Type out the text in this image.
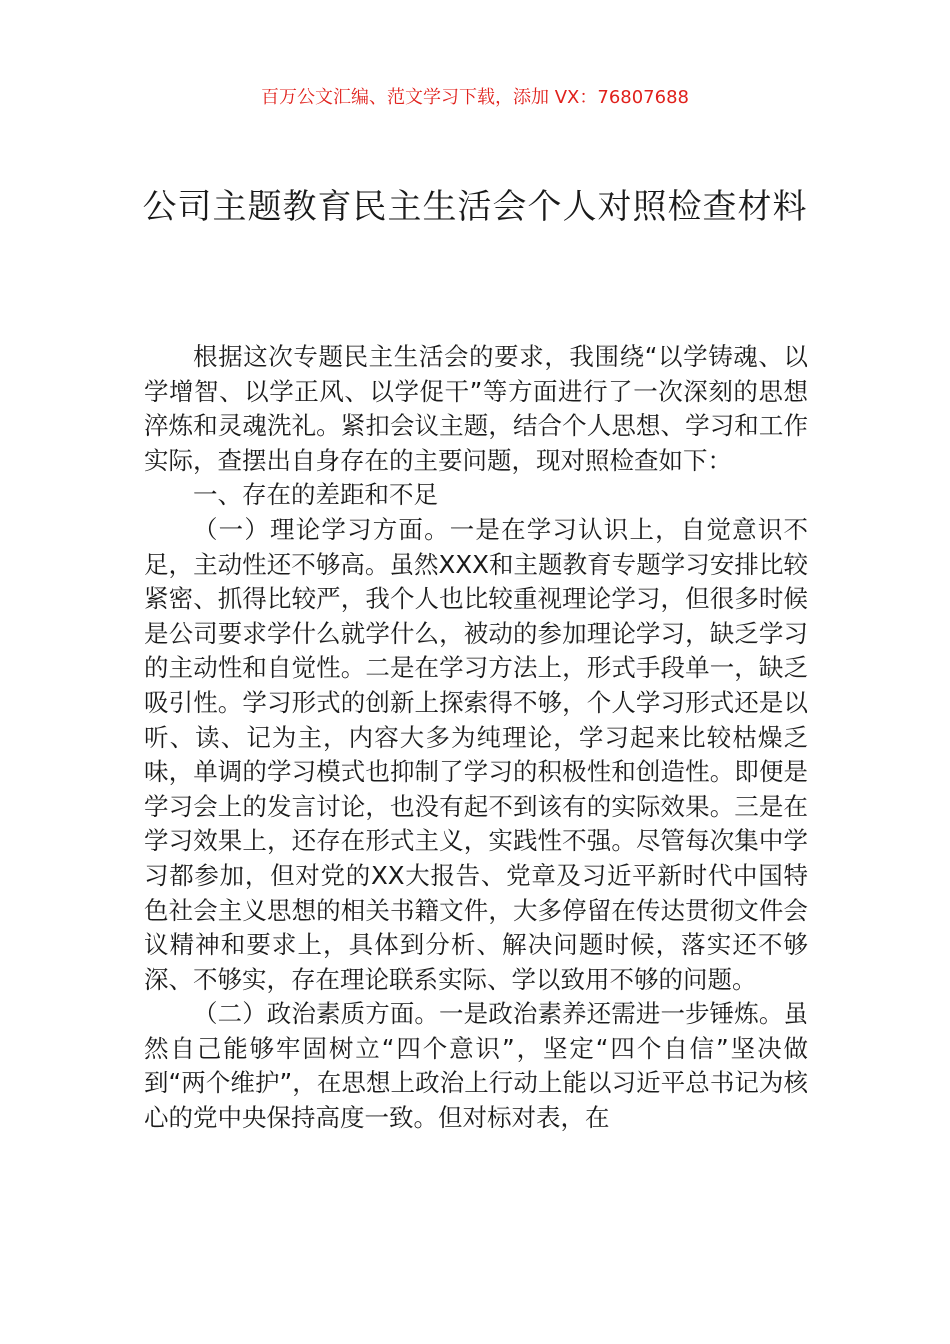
百万公文汇编、范文学习下载，添加 VX：76807688
公司主题教育民主生活会个人对照检查材料

根据这次专题民主生活会的要求，我围绕“以学铸魂、以学增智、以学正风、以学促干”等方面进行了一次深刻的思想淬炼和灵魂洗礼。紧扣会议主题，结合个人思想、学习和工作实际，查摆出自身存在的主要问题，现对照检查如下：

一、存在的差距和不足

（一）理论学习方面。一是在学习认识上，自觉意识不足，主动性还不够高。虽然XXX和主题教育专题学习安排比较紧密、抓得比较严，我个人也比较重视理论学习，但很多时候是公司要求学什么就学什么，被动的参加理论学习，缺乏学习的主动性和自觉性。二是在学习方法上，形式手段单一，缺乏吸引性。学习形式的创新上探索得不够，个人学习形式还是以听、读、记为主，内容大多为纯理论，学习起来比较枯燥乏味，单调的学习模式也抑制了学习的积极性和创造性。即便是学习会上的发言讨论，也没有起不到该有的实际效果。三是在学习效果上，还存在形式主义，实践性不强。尽管每次集中学习都参加，但对党的XX大报告、党章及习近平新时代中国特色社会主义思想的相关书籍文件，大多停留在传达贯彻文件会议精神和要求上，具体到分析、解决问题时候，落实还不够深、不够实，存在理论联系实际、学以致用不够的问题。

（二）政治素质方面。一是政治素养还需进一步锤炼。虽然自己能够牢固树立“四个意识”，坚定“四个自信”坚决做到“两个维护”，在思想上政治上行动上能以习近平总书记为核心的党中央保持高度一致。但对标对表，在
